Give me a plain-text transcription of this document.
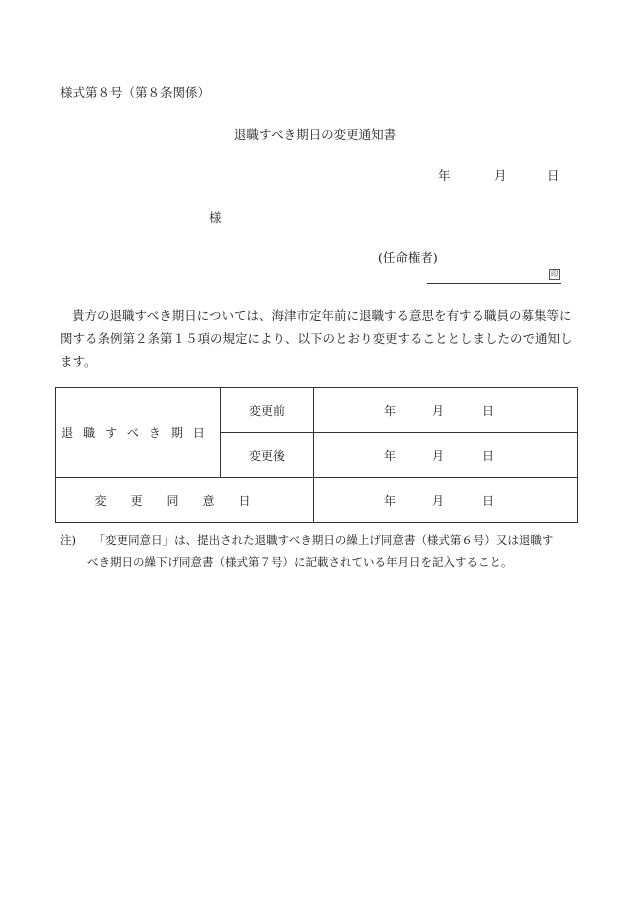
様式第８号（第８条関係）
退職すべき期日の変更通知書
年	月	日
様
(任命権者)
印
貴方の退職すべき期日については、海津市定年前に退職する意思を有する職員の募集等に関する条例第２条第１５項の規定により、以下のとおり変更することとしましたので通知します。
退職すべき期日	変更前	年 月 日

	変更後	年 月 日

変更同意日		年 月 日
注) 「変更同意日」は、提出された退職すべき期日の繰上げ同意書（様式第６号）又は退職す
べき期日の繰下げ同意書（様式第７号）に記載されている年月日を記入すること。
